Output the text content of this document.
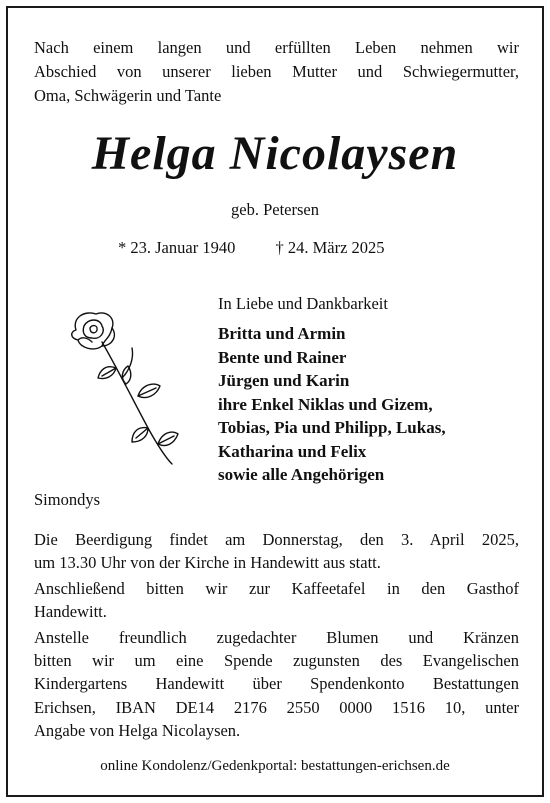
Nach einem langen und erfüllten Leben nehmen wir
Abschied von unserer lieben Mutter und Schwiegermutter,
Oma, Schwägerin und Tante
Helga Nicolaysen
geb. Petersen
* 23. Januar 1940 † 24. März 2025
In Liebe und Dankbarkeit
Britta und Armin
Bente und Rainer
Jürgen und Karin
ihre Enkel Niklas und Gizem,
Tobias, Pia und Philipp, Lukas,
Katharina und Felix
sowie alle Angehörigen
Simondys

Die Beerdigung findet am Donnerstag, den 3. April 2025,
um 13.30 Uhr von der Kirche in Handewitt aus statt.

Anschließend bitten wir zur Kaffeetafel in den Gasthof
Handewitt.

Anstelle freundlich zugedachter Blumen und Kränzen
bitten wir um eine Spende zugunsten des Evangelischen
Kindergartens Handewitt über Spendenkonto Bestattungen
Erichsen, IBAN DE14 2176 2550 0000 1516 10, unter
Angabe von Helga Nicolaysen.

online Kondolenz/Gedenkportal: bestattungen-erichsen.de
